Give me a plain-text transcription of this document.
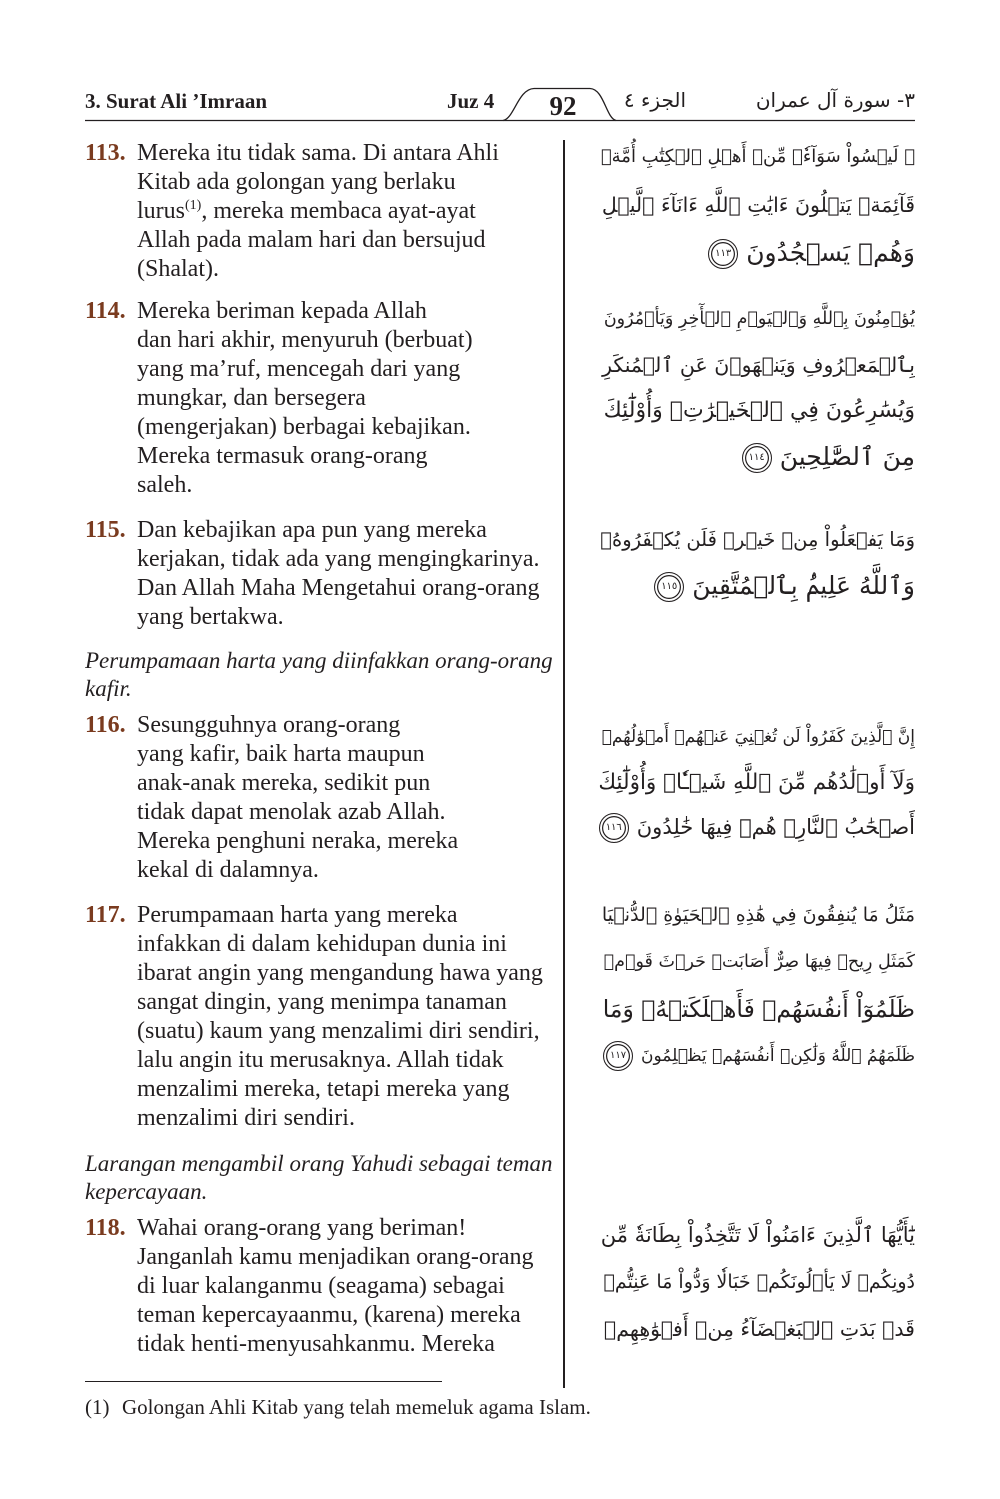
3. Surat Ali ʼImraan	Juz 4	92	الجزء ٤	٣- سورة آل عمران
113. Mereka itu tidak sama. Di antara Ahli
Kitab ada golongan yang berlaku
lurus$^{(1)}$, mereka membaca ayat-ayat
Allah pada malam hari dan bersujud
(Shalat).
۞ لَيۡسُواْ سَوَآءٗۗ مِّنۡ أَهۡلِ ٱلۡكِتَٰبِ أُمَّةٞ
قَآئِمَةٞ يَتۡلُونَ ءَايَٰتِ ٱللَّهِ ءَانَآءَ ٱلَّيۡلِ
وَهُمۡ يَسۡجُدُونَ١١٣
114. Mereka beriman kepada Allah
dan hari akhir, menyuruh (berbuat)
yang ma’ruf, mencegah dari yang
mungkar, dan bersegera
(mengerjakan) berbagai kebajikan.
Mereka termasuk orang-orang
saleh.
يُؤۡمِنُونَ بِٱللَّهِ وَٱلۡيَوۡمِ ٱلۡأٓخِرِ وَيَأۡمُرُونَ
بِٱلۡمَعۡرُوفِ وَيَنۡهَوۡنَ عَنِ ٱلۡمُنكَرِ
وَيُسَٰرِعُونَ فِي ٱلۡخَيۡرَٰتِۖ وَأُوْلَٰٓئِكَ
مِنَ ٱلصَّٰلِحِينَ١١٤
115. Dan kebajikan apa pun yang mereka
kerjakan, tidak ada yang mengingkarinya.
Dan Allah Maha Mengetahui orang-orang
yang bertakwa.
وَمَا يَفۡعَلُواْ مِنۡ خَيۡرٖ فَلَن يُكۡفَرُوهُۗ
وَٱللَّهُ عَلِيمُۢ بِٱلۡمُتَّقِينَ١١٥
Perumpamaan harta yang diinfakkan orang-orang
kafir.
116. Sesungguhnya orang-orang
yang kafir, baik harta maupun
anak-anak mereka, sedikit pun
tidak dapat menolak azab Allah.
Mereka penghuni neraka, mereka
kekal di dalamnya.
إِنَّ ٱلَّذِينَ كَفَرُواْ لَن تُغۡنِيَ عَنۡهُمۡ أَمۡوَٰلُهُمۡ
وَلَآ أَوۡلَٰدُهُم مِّنَ ٱللَّهِ شَيۡـٔٗاۖ وَأُوْلَٰٓئِكَ
أَصۡحَٰبُ ٱلنَّارِۖ هُمۡ فِيهَا خَٰلِدُونَ١١٦
117. Perumpamaan harta yang mereka
infakkan di dalam kehidupan dunia ini
ibarat angin yang mengandung hawa yang
sangat dingin, yang menimpa tanaman
(suatu) kaum yang menzalimi diri sendiri,
lalu angin itu merusaknya. Allah tidak
menzalimi mereka, tetapi mereka yang
menzalimi diri sendiri.
مَثَلُ مَا يُنفِقُونَ فِي هَٰذِهِ ٱلۡحَيَوٰةِ ٱلدُّنۡيَا
كَمَثَلِ رِيحٖ فِيهَا صِرٌّ أَصَابَتۡ حَرۡثَ قَوۡمٖ
ظَلَمُوٓاْ أَنفُسَهُمۡ فَأَهۡلَكَتۡهُۚ وَمَا
ظَلَمَهُمُ ٱللَّهُ وَلَٰكِنۡ أَنفُسَهُمۡ يَظۡلِمُونَ١١٧
Larangan mengambil orang Yahudi sebagai teman
kepercayaan.
118. Wahai orang-orang yang beriman!
Janganlah kamu menjadikan orang-orang
di luar kalanganmu (seagama) sebagai
teman kepercayaanmu, (karena) mereka
tidak henti-menyusahkanmu. Mereka
يَٰٓأَيُّهَا ٱلَّذِينَ ءَامَنُواْ لَا تَتَّخِذُواْ بِطَانَةٗ مِّن
دُونِكُمۡ لَا يَأۡلُونَكُمۡ خَبَالٗا وَدُّواْ مَا عَنِتُّمۡ
قَدۡ بَدَتِ ٱلۡبَغۡضَآءُ مِنۡ أَفۡوَٰهِهِمۡ
(1) Golongan Ahli Kitab yang telah memeluk agama Islam.
